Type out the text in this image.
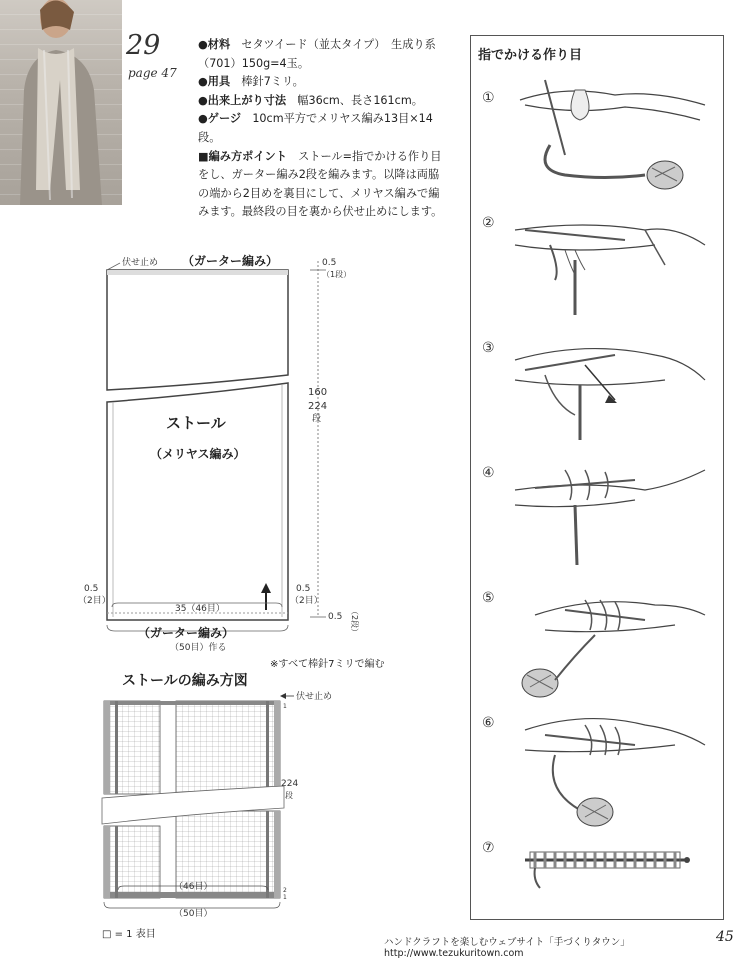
29
page 47

●材料　 セタツイード（並太タイプ）　生成り系（701）150g=4玉。

●用具　 棒針7ミリ。

●出来上がり寸法　 幅36cm、長さ161cm。

●ゲージ　 10cm平方でメリヤス編み13目×14段。

■編み方ポイント　 ストール=指でかける作り目をし、ガーター編み2段を編みます。以降は両脇の端から2目めを裏目にして、メリヤス編みで編みます。最終段の目を裏から伏せ止めにします。

伏せ止め （ガーター編み）	0.5
（1段）
ストール
（メリヤス編み）
160
224
段
0.5
（2目）
0.5
（2目）
35（46目）
0.5 （2段）
（ガーター編み）
（50目）作る
※すべて棒針7ミリで編む
ストールの編み方図
伏せ止め
1
224
段
2
1
（46目）
（50目）
□ = 1 表目
指でかける作り目
①
②
③
④
⑤
⑥
⑦
ハンドクラフトを楽しむウェブサイト「手づくりタウン」　http://www.tezukuritown.com
45
